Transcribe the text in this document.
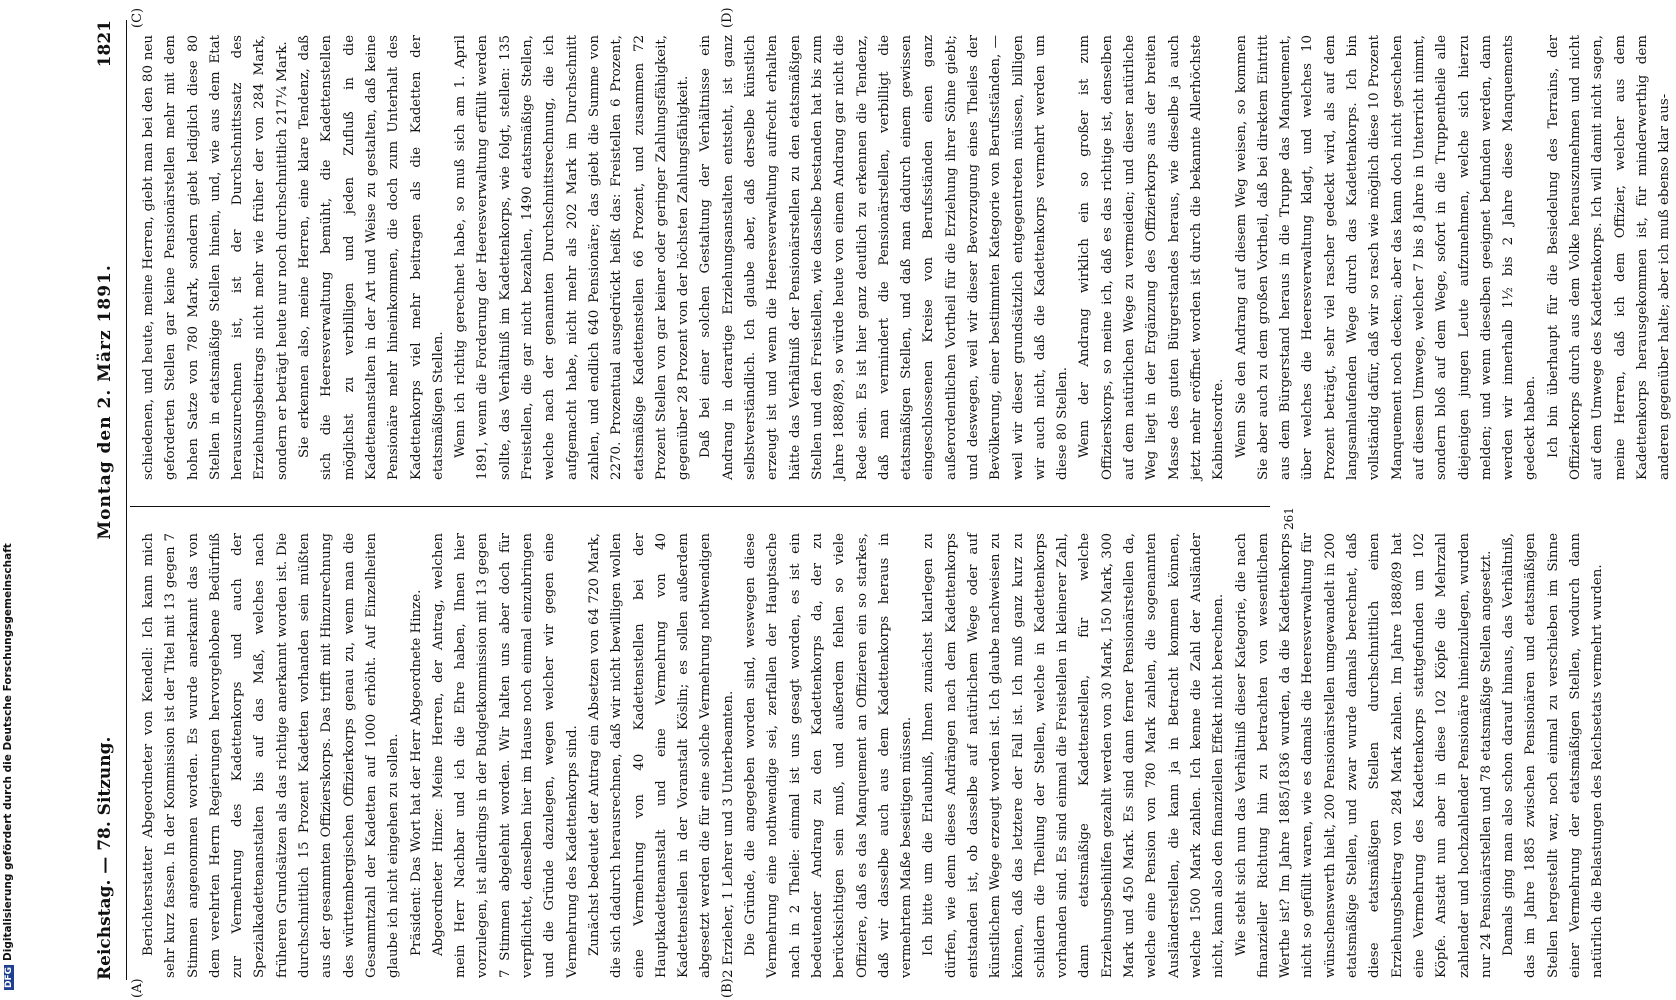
Reichstag. — 78. Sitzung.
Montag den 2. März 1891.
1821

Berichterstatter Abgeordneter von Kendell: Ich kann mich sehr kurz fassen. In der Kommission ist der Titel mit 13 gegen 7 Stimmen angenommen worden. Es wurde anerkannt das von dem verehrten Herrn Regierungen hervorgehobene Bedürfniß zur Vermehrung des Kadettenkorps und auch der Spezialkadettenanstalten bis auf das Maß, welches nach früheren Grundsätzen als das richtige anerkannt worden ist. Die durchschnittlich 15 Prozent Kadetten vorhanden sein müßten aus der gesammten Offizierskorps. Das trifft mit Hinzurechnung des württembergischen Offizierkorps genau zu, wenn man die Gesammtzahl der Kadetten auf 1000 erhöht. Auf Einzelheiten glaube ich nicht eingehen zu sollen. Präsident: Das Wort hat der Herr Abgeordnete Hinze. Abgeordneter Hinze: Meine Herren, der Antrag, welchen mein Herr Nachbar und ich die Ehre haben, Ihnen hier vorzulegen, ist allerdings in der Budgetkommission mit 13 gegen 7 Stimmen abgelehnt worden. Wir halten uns aber doch für verpflichtet, denselben hier im Hause noch einmal einzubringen und die Gründe dazulegen, wegen welcher wir gegen eine Vermehrung des Kadettenkorps sind. Zunächst bedeutet der Antrag ein Absetzen von 64 720 Mark, die sich dadurch herausrechnen, daß wir nicht bewilligen wollen eine Vermehrung von 40 Kadettenstellen bei der Hauptkadettenanstalt und eine Vermehrung von 40 Kadettenstellen in der Voranstalt Köslin; es sollen außerdem abgesetzt werden die für eine solche Vermehrung nothwendigen 2 Erzieher, 1 Lehrer und 3 Unterbeamten. Die Gründe, die angegeben worden sind, weswegen diese Vermehrung eine nothwendige sei, zerfallen der Hauptsache nach in 2 Theile: einmal ist uns gesagt worden, es ist ein bedeutender Andrang zu den Kadettenkorps da, der zu berücksichtigen sein muß, und außerdem fehlen so viele Offiziere, daß es das Manquement an Offizieren ein so starkes, daß wir dasselbe auch aus dem Kadettenkorps heraus in vermehrtem Maße beseitigen müssen. Ich bitte um die Erlaubniß, Ihnen zunächst klarlegen zu dürfen, wie denn dieses Andrängen nach dem Kadettenkorps entstanden ist, ob dasselbe auf natürlichem Wege oder auf künstlichem Wege erzeugt worden ist. Ich glaube nachweisen zu können, daß das letztere der Fall ist. Ich muß ganz kurz zu schildern die Theilung der Stellen, welche in Kadettenkorps vorhanden sind. Es sind einmal die Freistellen in kleinerer Zahl, dann etatsmäßige Kadettenstellen, für welche Erziehungsbeihilfen gezahlt werden von 30 Mark, 150 Mark, 300 Mark und 450 Mark. Es sind dann ferner Pensionärstellen da, welche eine Pension von 780 Mark zahlen, die sogenannten Ausländerstellen, die kann ja in Betracht kommen können, welche 1500 Mark zahlen. Ich kenne die Zahl der Ausländer nicht, kann also den finanziellen Effekt nicht berechnen. Wie steht sich nun das Verhältniß dieser Kategorie, die nach finanzieller Richtung hin zu betrachten von wesentlichem Werthe ist? Im Jahre 1885/1836 wurden, da die Kadettenkorps nicht so gefüllt waren, wie es damals die Heeresverwaltung für wünschenswerth hielt, 200 Pensionärstellen umgewandelt in 200 etatsmäßige Stellen, und zwar wurde damals berechnet, daß diese etatsmäßigen Stellen durchschnittlich einen Erziehungsbeitrag von 284 Mark zahlen. Im Jahre 1888/89 hat eine Vermehrung des Kadettenkorps stattgefunden um 102 Köpfe. Anstatt nun aber in diese 102 Köpfe die Mehrzahl zahlender und hochzahlender Pensionäre hineinzulegen, wurden nur 24 Pensionärstellen und 78 etatsmäßige Stellen angesetzt. Damals ging man also schon darauf hinaus, das Verhältniß, das im Jahre 1885 zwischen Pensionären und etatsmäßigen Stellen hergestellt war, noch einmal zu verschieben im Sinne einer Vermehrung der etatsmäßigen Stellen, wodurch dann natürlich die Belastungen des Reichsetats vermehrt wurden.

schiedenen, und heute, meine Herren, giebt man bei den 80 neu geforderten Stellen gar keine Pensionärstellen mehr mit dem hohen Satze von 780 Mark, sondern giebt lediglich diese 80 Stellen in etatsmäßige Stellen hinein, und, wie aus dem Etat herauszurechnen ist, ist der Durchschnittssatz des Erziehungsbeitrags nicht mehr wie früher der von 284 Mark, sondern er beträgt heute nur noch durchschnittlich 217¼ Mark. Sie erkennen also, meine Herren, eine klare Tendenz, daß sich die Heeresverwaltung bemüht, die Kadettenstellen möglichst zu verbilligen und jeden Zufluß in die Kadettenanstalten in der Art und Weise zu gestalten, daß keine Pensionäre mehr hineinkommen, die doch zum Unterhalt des Kadettenkorps viel mehr beitragen als die Kadetten der etatsmäßigen Stellen. Wenn ich richtig gerechnet habe, so muß sich am 1. April 1891, wenn die Forderung der Heeresverwaltung erfüllt werden sollte, das Verhältniß im Kadettenkorps, wie folgt, stellen: 135 Freistellen, die gar nicht bezahlen, 1490 etatsmäßige Stellen, welche nach der genannten Durchschnittsrechnung, die ich aufgemacht habe, nicht mehr als 202 Mark im Durchschnitt zahlen, und endlich 640 Pensionäre; das giebt die Summe von 2270. Prozentual ausgedrückt heißt das: Freistellen 6 Prozent, etatsmäßige Kadettenstellen 66 Prozent, und zusammen 72 Prozent Stellen von gar keiner oder geringer Zahlungsfähigkeit, gegenüber 28 Prozent von der höchsten Zahlungsfähigkeit. Daß bei einer solchen Gestaltung der Verhältnisse ein Andrang in derartige Erziehungsanstalten entsteht, ist ganz selbstverständlich. Ich glaube aber, daß derselbe künstlich erzeugt ist und wenn die Heeresverwaltung aufrecht erhalten hätte das Verhältniß der Pensionärstellen zu den etatsmäßigen Stellen und den Freistellen, wie dasselbe bestanden hat bis zum Jahre 1888/89, so würde heute von einem Andrang gar nicht die Rede sein. Es ist hier ganz deutlich zu erkennen die Tendenz, daß man vermindert die Pensionärstellen, verbilligt die etatsmäßigen Stellen, und daß man dadurch einem gewissen eingeschlossenen Kreise von Berufsständen einen ganz außerordentlichen Vortheil für die Erziehung ihrer Söhne giebt; und deswegen, weil wir dieser Bevorzugung eines Theiles der Bevölkerung, einer bestimmten Kategorie von Berufsständen, — weil wir dieser grundsätzlich entgegentreten müssen, billigen wir auch nicht, daß die Kadettenkorps vermehrt werden um diese 80 Stellen. Wenn der Andrang wirklich ein so großer ist zum Offizierskorps, so meine ich, daß es das richtige ist, denselben auf dem natürlichen Wege zu vermeiden; und dieser natürliche Weg liegt in der Ergänzung des Offizierkorps aus der breiten Masse des guten Bürgerstandes heraus, wie dieselbe ja auch jetzt mehr eröffnet worden ist durch die bekannte Allerhöchste Kabinetsordre. Wenn Sie den Andrang auf diesem Weg weisen, so kommen Sie aber auch zu dem großen Vortheil, daß bei direktem Eintritt aus dem Bürgerstand heraus in die Truppe das Manquement, über welches die Heeresverwaltung klagt, und welches 10 Prozent beträgt, sehr viel rascher gedeckt wird, als auf dem langsamlaufenden Wege durch das Kadettenkorps. Ich bin vollständig dafür, daß wir so rasch wie möglich diese 10 Prozent Manquement noch decken; aber das kann doch nicht geschehen auf diesem Umwege, welcher 7 bis 8 Jahre in Unterricht nimmt, sondern bloß auf dem Wege, sofort in die Truppentheile alle diejenigen jungen Leute aufzunehmen, welche sich hierzu melden; und wenn dieselben geeignet befunden werden, dann werden wir innerhalb 1½ bis 2 Jahre diese Manquements gedeckt haben. Ich bin überhaupt für die Besiedelung des Terrains, der Offizierkorps durch aus dem Volke herauszunehmen und nicht auf dem Umwege des Kadettenkorps. Ich will damit nicht sagen, meine Herren, daß ich dem Offizier, welcher aus dem Kadettenkorps herausgekommen ist, für minderwerthig dem anderen gegenüber halte; aber ich muß ebenso klar aus-

(A)	(B)
(C)	(D)
261
DFGDigitalisierung gefördert durch die Deutsche Forschungsgemeinschaft
